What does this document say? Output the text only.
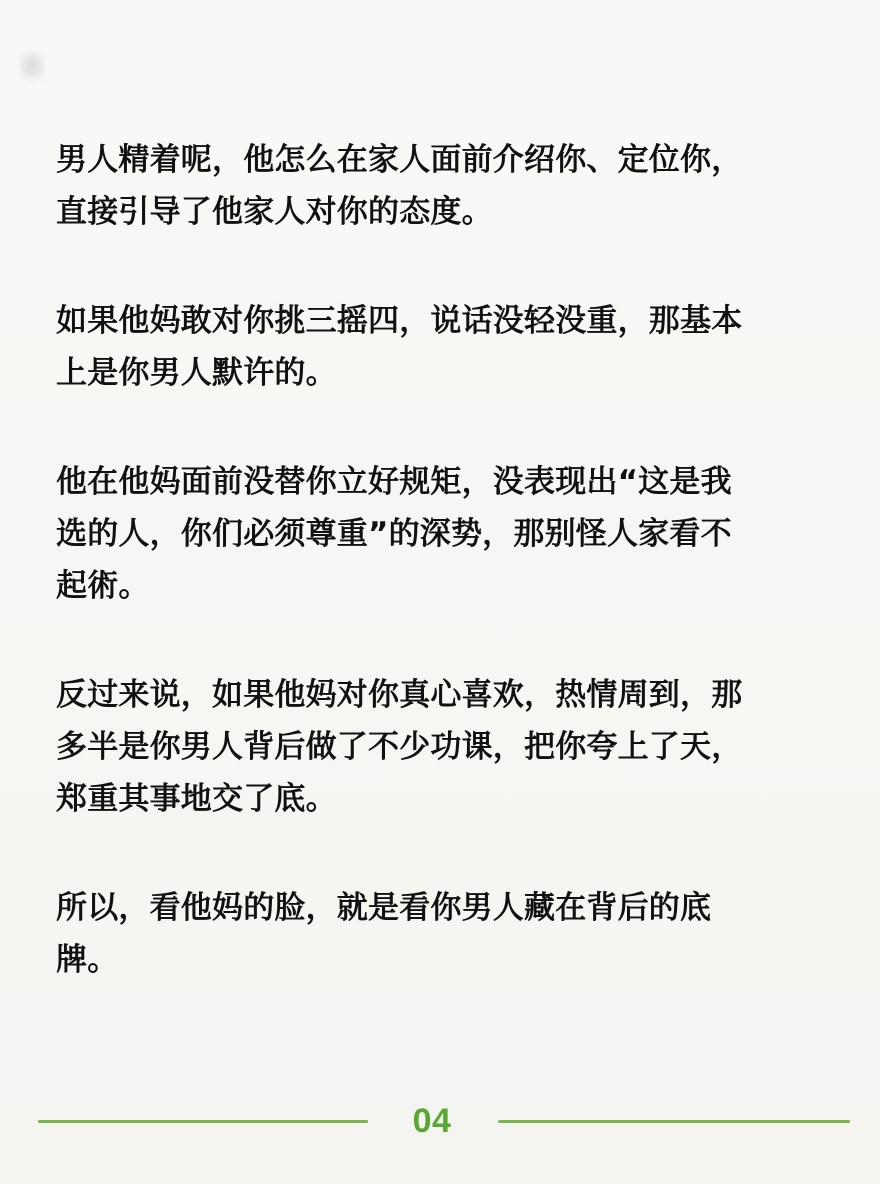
男人精着呢，他怎么在家人面前介绍你、定位你，
直接引导了他家人对你的态度。

如果他妈敢对你挑三摇四，说话没轻没重，那基本
上是你男人默许的。

他在他妈面前没替你立好规矩，没表现出“这是我
选的人，你们必须尊重”的深势，那别怪人家看不
起術。

反过来说，如果他妈对你真心喜欢，热情周到，那
多半是你男人背后做了不少功课，把你夸上了天，
郑重其事地交了底。

所以，看他妈的脸，就是看你男人藏在背后的底
牌。

04
